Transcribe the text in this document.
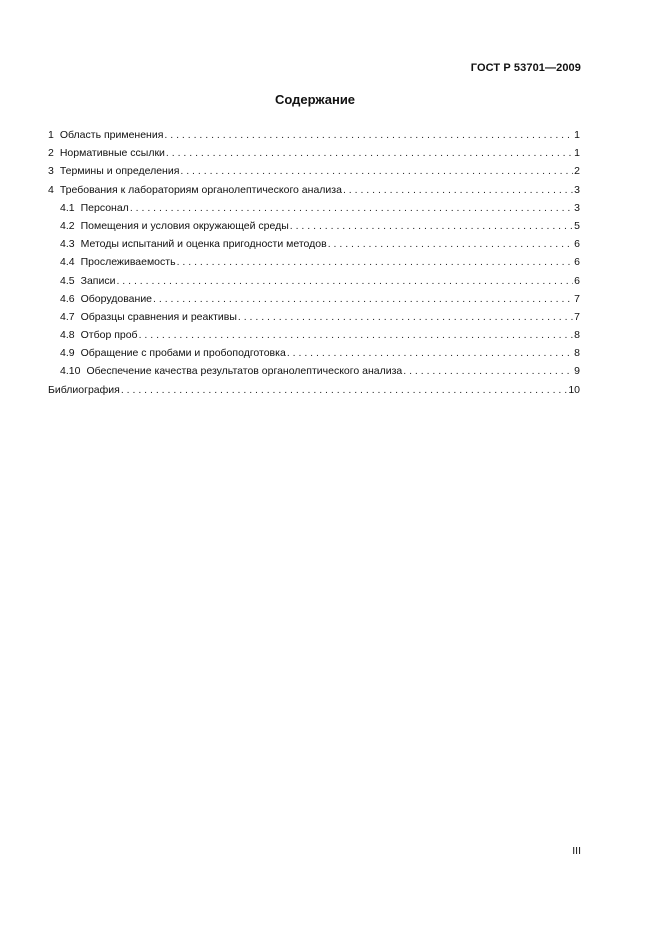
ГОСТ Р 53701—2009
Содержание
1 Область применения . . .	1
2 Нормативные ссылки . . .	1
3 Термины и определения . . .	2
4 Требования к лабораториям органолептического анализа . . .	3
4.1 Персонал . . .	3
4.2 Помещения и условия окружающей среды . . .	5
4.3 Методы испытаний и оценка пригодности методов . . .	6
4.4 Прослеживаемость . . .	6
4.5 Записи . . .	6
4.6 Оборудование . . .	7
4.7 Образцы сравнения и реактивы . . .	7
4.8 Отбор проб . . .	8
4.9 Обращение с пробами и пробоподготовка . . .	8
4.10 Обеспечение качества результатов органолептического анализа . . .	9
Библиография . . .	10
III
